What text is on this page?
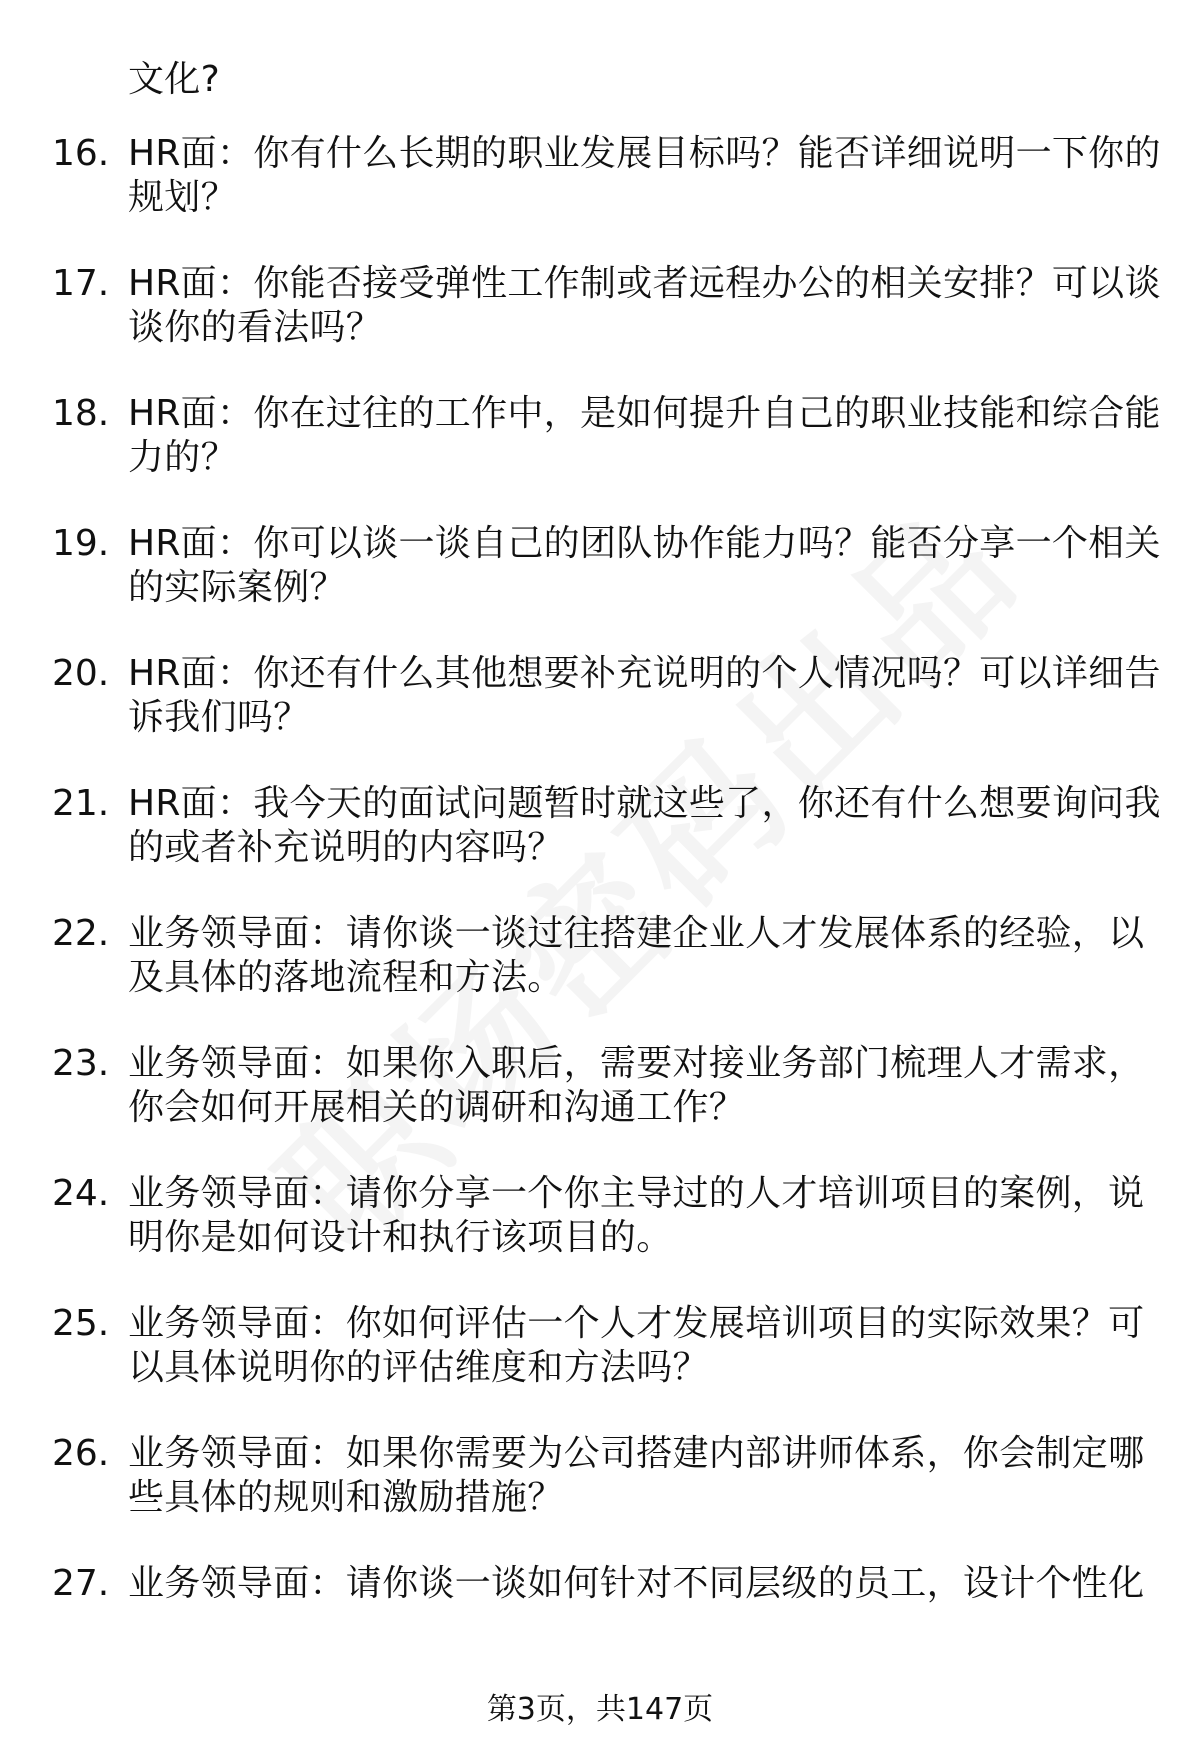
文化?
16. HR面：你有什么长期的职业发展目标吗？能否详细说明一下你的
规划？
17. HR面：你能否接受弹性工作制或者远程办公的相关安排？可以谈
谈你的看法吗？
18. HR面：你在过往的工作中，是如何提升自己的职业技能和综合能
力的？
19. HR面：你可以谈一谈自己的团队协作能力吗？能否分享一个相关
的实际案例？
20. HR面：你还有什么其他想要补充说明的个人情况吗？可以详细告
诉我们吗？
21. HR面：我今天的面试问题暂时就这些了，你还有什么想要询问我
的或者补充说明的内容吗？
22. 业务领导面：请你谈一谈过往搭建企业人才发展体系的经验，以
及具体的落地流程和方法。
23. 业务领导面：如果你入职后，需要对接业务部门梳理人才需求，
你会如何开展相关的调研和沟通工作？
24. 业务领导面：请你分享一个你主导过的人才培训项目的案例，说
明你是如何设计和执行该项目的。
25. 业务领导面：你如何评估一个人才发展培训项目的实际效果？可
以具体说明你的评估维度和方法吗？
26. 业务领导面：如果你需要为公司搭建内部讲师体系，你会制定哪
些具体的规则和激励措施？
27. 业务领导面：请你谈一谈如何针对不同层级的员工，设计个性化
第3页，共147页
